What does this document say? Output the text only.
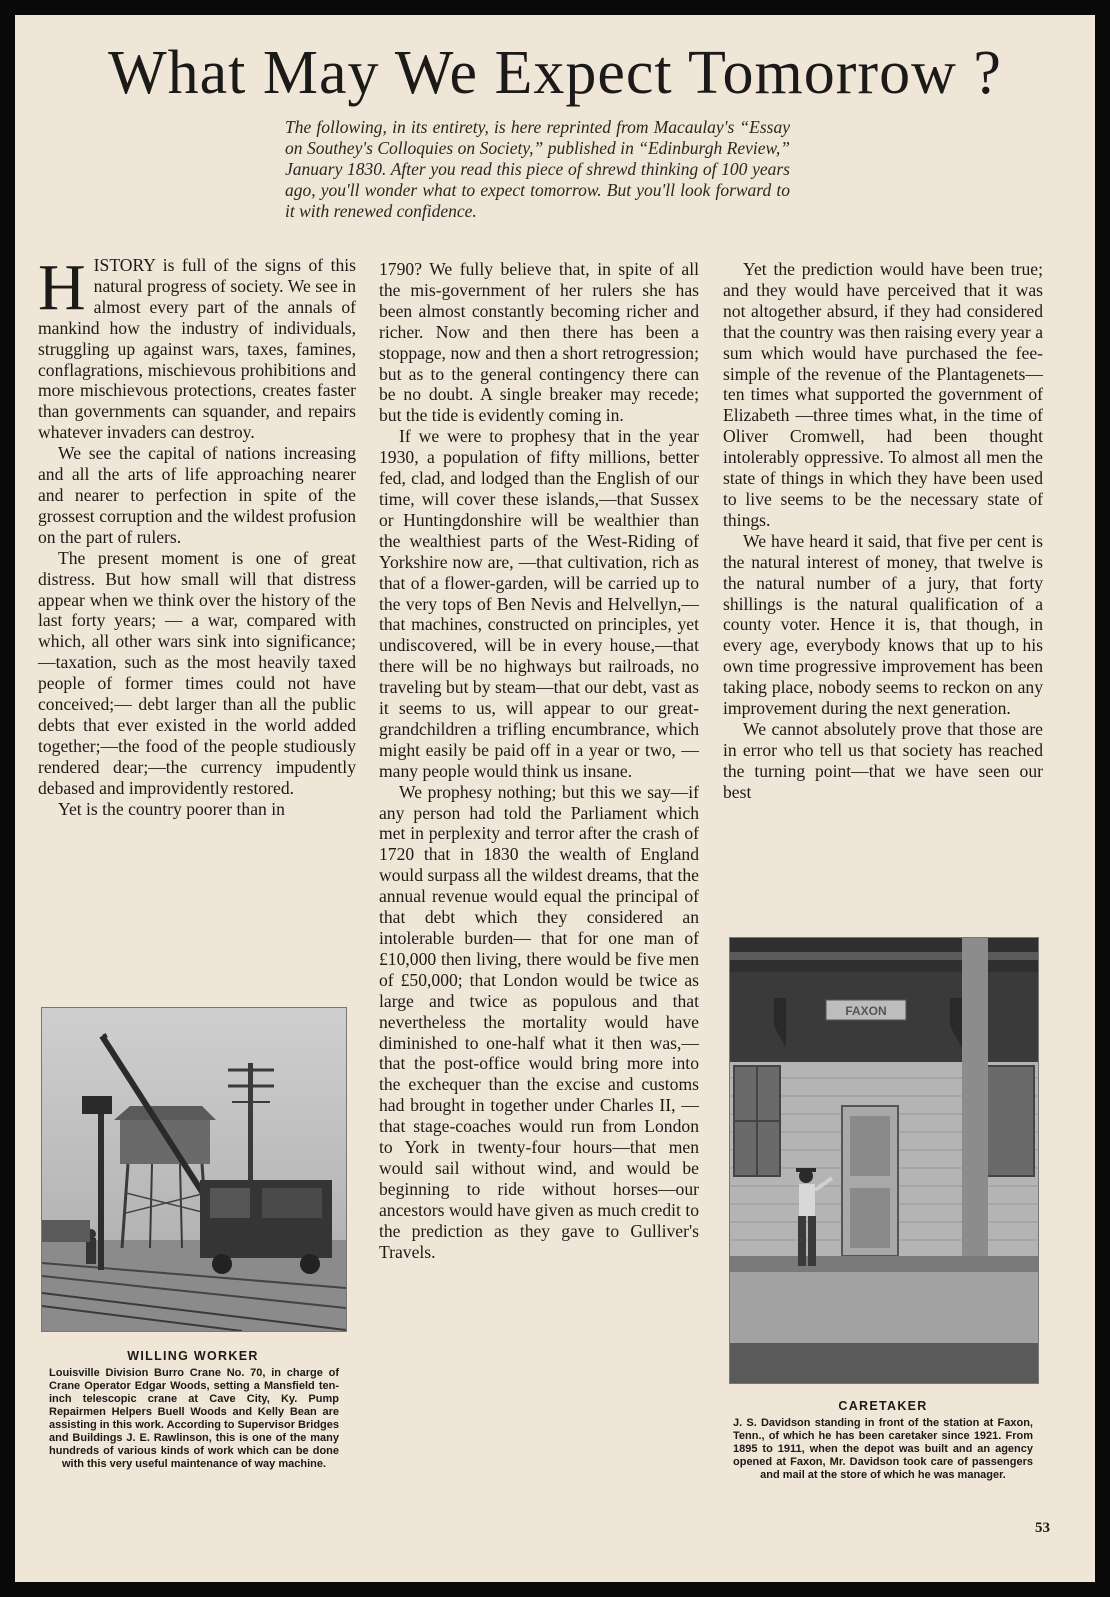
What May We Expect Tomorrow ?
The following, in its entirety, is here reprinted from Macaulay's “Essay on Southey's Colloquies on Society,” published in “Edinburgh Review,” January 1830. After you read this piece of shrewd thinking of 100 years ago, you'll wonder what to expect tomorrow. But you'll look forward to it with renewed confidence.

HISTORY is full of the signs of this natural progress of society. We see in almost every part of the annals of mankind how the industry of individuals, struggling up against wars, taxes, famines, conflagrations, mischievous prohibitions and more mischievous protections, creates faster than governments can squander, and repairs whatever invaders can destroy.

We see the capital of nations increasing and all the arts of life approaching nearer and nearer to perfection in spite of the grossest corruption and the wildest profusion on the part of rulers.

The present moment is one of great distress. But how small will that distress appear when we think over the history of the last forty years; — a war, compared with which, all other wars sink into significance;—taxation, such as the most heavily taxed people of former times could not have conceived;— debt larger than all the public debts that ever existed in the world added together;—the food of the people studiously rendered dear;—the currency impudently debased and improvidently restored.

Yet is the country poorer than in

1790? We fully believe that, in spite of all the mis-government of her rulers she has been almost constantly becoming richer and richer. Now and then there has been a stoppage, now and then a short retrogression; but as to the general contingency there can be no doubt. A single breaker may recede; but the tide is evidently coming in.

If we were to prophesy that in the year 1930, a population of fifty millions, better fed, clad, and lodged than the English of our time, will cover these islands,—that Sussex or Huntingdonshire will be wealthier than the wealthiest parts of the West-Riding of Yorkshire now are, —that cultivation, rich as that of a flower-garden, will be carried up to the very tops of Ben Nevis and Helvellyn,—that machines, constructed on principles, yet undiscovered, will be in every house,—that there will be no highways but railroads, no traveling but by steam—that our debt, vast as it seems to us, will appear to our great-grandchildren a trifling encumbrance, which might easily be paid off in a year or two, —many people would think us insane.

We prophesy nothing; but this we say—if any person had told the Parliament which met in perplexity and terror after the crash of 1720 that in 1830 the wealth of England would surpass all the wildest dreams, that the annual revenue would equal the principal of that debt which they considered an intolerable burden— that for one man of £10,000 then living, there would be five men of £50,000; that London would be twice as large and twice as populous and that nevertheless the mortality would have diminished to one-half what it then was,—that the post-office would bring more into the exchequer than the excise and customs had brought in together under Charles II, — that stage-coaches would run from London to York in twenty-four hours—that men would sail without wind, and would be beginning to ride without horses—our ancestors would have given as much credit to the prediction as they gave to Gulliver's Travels.

Yet the prediction would have been true; and they would have perceived that it was not altogether absurd, if they had considered that the country was then raising every year a sum which would have purchased the fee-simple of the revenue of the Plantagenets—ten times what supported the government of Elizabeth —three times what, in the time of Oliver Cromwell, had been thought intolerably oppressive. To almost all men the state of things in which they have been used to live seems to be the necessary state of things.

We have heard it said, that five per cent is the natural interest of money, that twelve is the natural number of a jury, that forty shillings is the natural qualification of a county voter. Hence it is, that though, in every age, everybody knows that up to his own time progressive improvement has been taking place, nobody seems to reckon on any improvement during the next generation.

We cannot absolutely prove that those are in error who tell us that society has reached the turning point—that we have seen our best

WILLING WORKER
Louisville Division Burro Crane No. 70, in charge of Crane Operator Edgar Woods, setting a Mansfield ten-inch telescopic crane at Cave City, Ky. Pump Repairmen Helpers Buell Woods and Kelly Bean are assisting in this work. According to Supervisor Bridges and Buildings J. E. Rawlinson, this is one of the many hundreds of various kinds of work which can be done with this very useful maintenance of way machine.
FAXON
CARETAKER
J. S. Davidson standing in front of the station at Faxon, Tenn., of which he has been caretaker since 1921. From 1895 to 1911, when the depot was built and an agency opened at Faxon, Mr. Davidson took care of passengers and mail at the store of which he was manager.
53
